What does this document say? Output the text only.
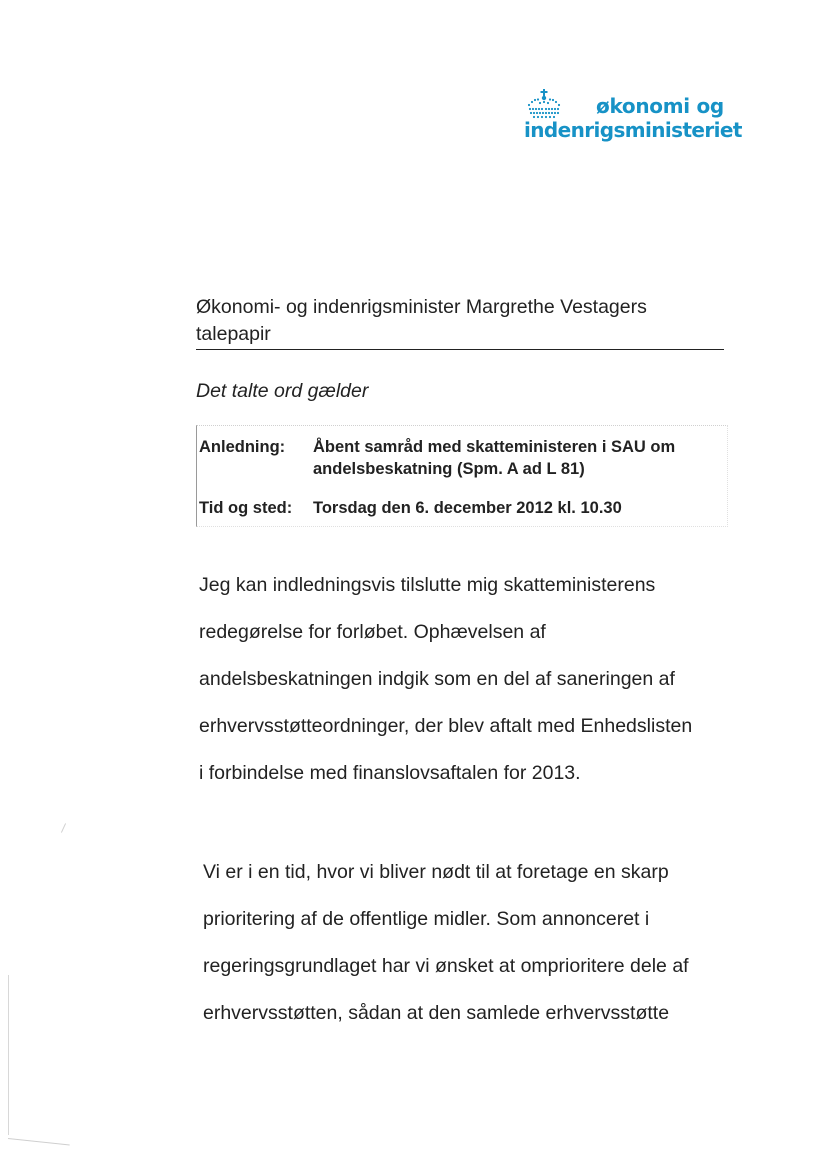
økonomi og
indenrigsministeriet
Økonomi- og indenrigsminister Margrethe Vestagers talepapir
Det talte ord gælder
Anledning: Åbent samråd med skatteministeren i SAU om andelsbeskatning (Spm. A ad L 81)
Tid og sted: Torsdag den 6. december 2012 kl. 10.30
Jeg kan indledningsvis tilslutte mig skatteministerens
redegørelse for forløbet. Ophævelsen af
andelsbeskatningen indgik som en del af saneringen af
erhvervsstøtteordninger, der blev aftalt med Enhedslisten
i forbindelse med finanslovsaftalen for 2013.
Vi er i en tid, hvor vi bliver nødt til at foretage en skarp
prioritering af de offentlige midler. Som annonceret i
regeringsgrundlaget har vi ønsket at omprioritere dele af
erhvervsstøtten, sådan at den samlede erhvervsstøtte
